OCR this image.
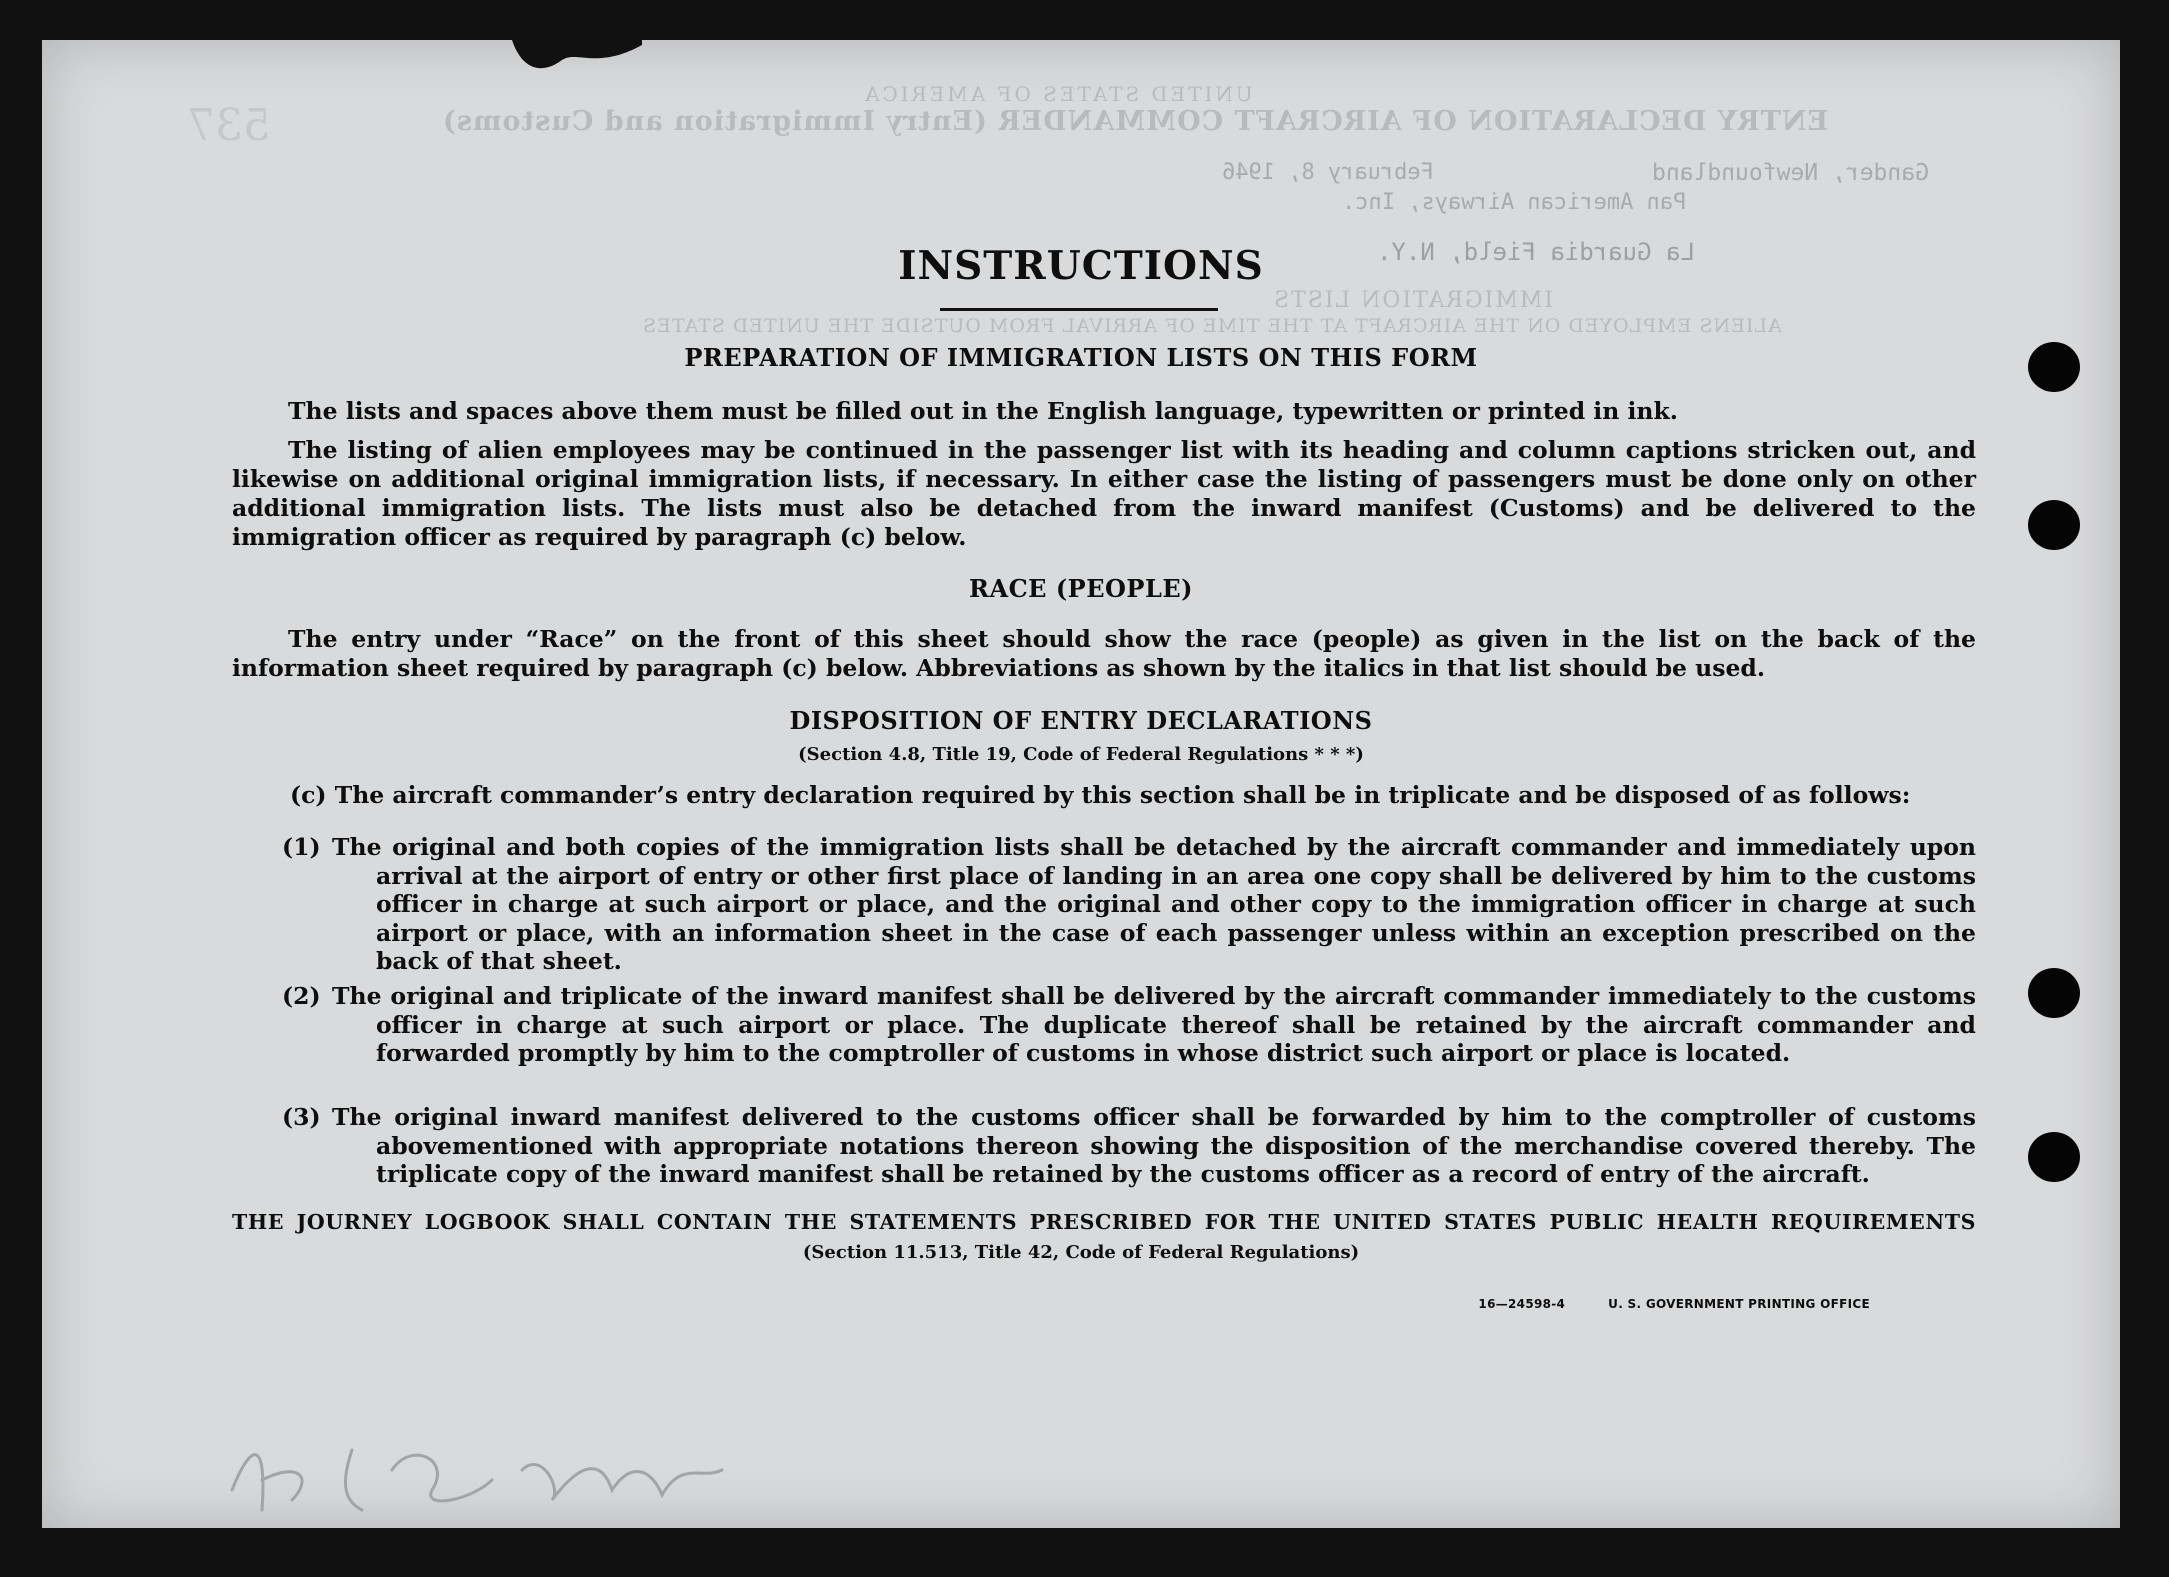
UNITED STATES OF AMERICA
ENTRY DECLARATION OF AIRCRAFT COMMANDER (Entry Immigration and Customs)
537
Gander, Newfoundland
February 8, 1946
Pan American Airways, Inc.
La Guardia Field, N.Y.
IMMIGRATION LISTS
ALIENS EMPLOYED ON THE AIRCRAFT AT THE TIME OF ARRIVAL FROM OUTSIDE THE UNITED STATES
INSTRUCTIONS
PREPARATION OF IMMIGRATION LISTS ON THIS FORM
The lists and spaces above them must be filled out in the English language, typewritten or printed in ink.
The listing of alien employees may be continued in the passenger list with its heading and column captions stricken out, and likewise on additional original immigration lists, if necessary. In either case the listing of passengers must be done only on other additional immigration lists. The lists must also be detached from the inward manifest (Customs) and be delivered to the immigration officer as required by paragraph (c) below.
RACE (PEOPLE)
The entry under “Race” on the front of this sheet should show the race (people) as given in the list on the back of the information sheet required by paragraph (c) below. Abbreviations as shown by the italics in that list should be used.
DISPOSITION OF ENTRY DECLARATIONS
(Section 4.8, Title 19, Code of Federal Regulations * * *)
(c) The aircraft commander’s entry declaration required by this section shall be in triplicate and be disposed of as follows:
(1) The original and both copies of the immigration lists shall be detached by the aircraft commander and immediately upon arrival at the airport of entry or other first place of landing in an area one copy shall be delivered by him to the customs officer in charge at such airport or place, and the original and other copy to the immigration officer in charge at such airport or place, with an information sheet in the case of each passenger unless within an exception prescribed on the back of that sheet.
(2) The original and triplicate of the inward manifest shall be delivered by the aircraft commander immediately to the customs officer in charge at such airport or place. The duplicate thereof shall be retained by the aircraft commander and forwarded promptly by him to the comptroller of customs in whose district such airport or place is located.
(3) The original inward manifest delivered to the customs officer shall be forwarded by him to the comptroller of customs abovementioned with appropriate notations thereon showing the disposition of the merchandise covered thereby. The triplicate copy of the inward manifest shall be retained by the customs officer as a record of entry of the aircraft.
THE JOURNEY LOGBOOK SHALL CONTAIN THE STATEMENTS PRESCRIBED FOR THE UNITED STATES PUBLIC HEALTH REQUIREMENTS
(Section 11.513, Title 42, Code of Federal Regulations)
16—24598-4	U. S. GOVERNMENT PRINTING OFFICE
